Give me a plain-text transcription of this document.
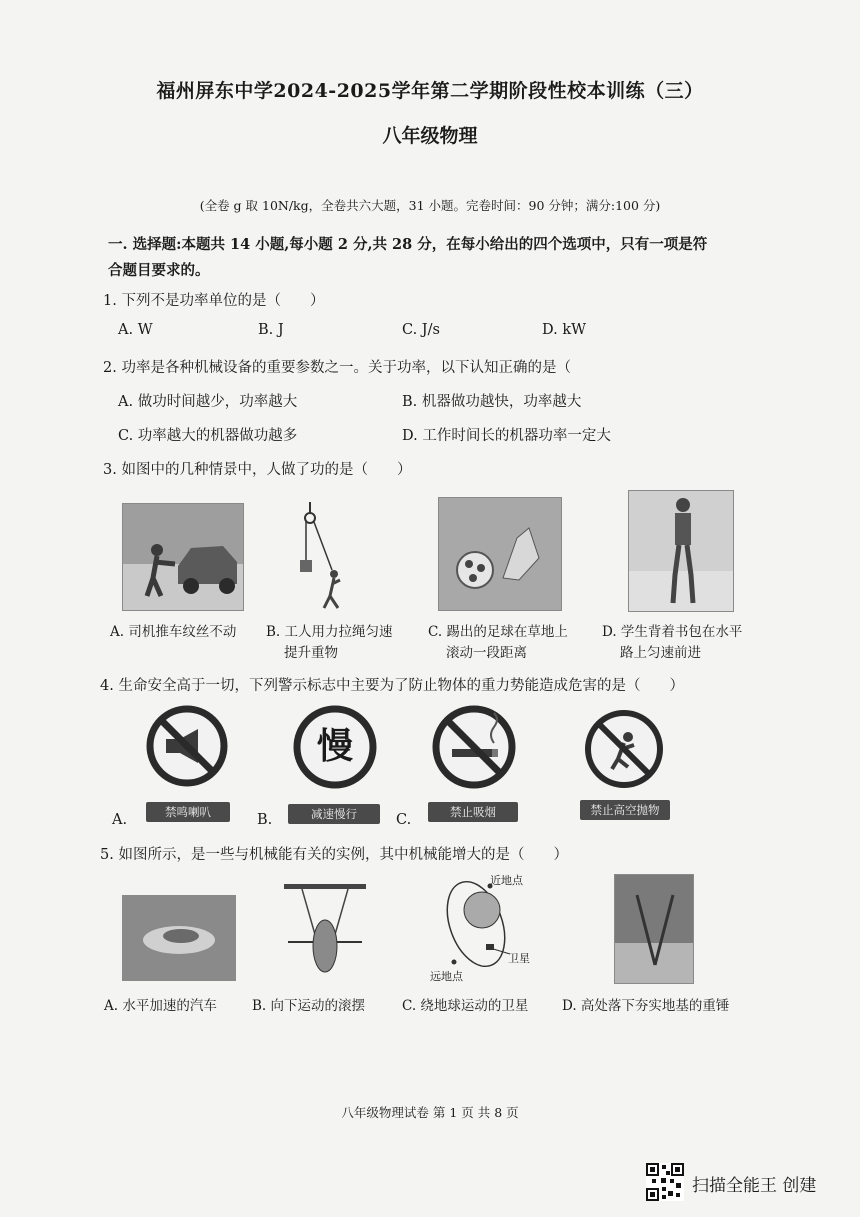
福州屏东中学2024-2025学年第二学期阶段性校本训练（三）
八年级物理
(全卷 g 取 10N/kg，全卷共六大题，31 小题。完卷时间：90 分钟；满分:100 分)
一. 选择题:本题共 14 小题,每小题 2 分,共 28 分，在每小给出的四个选项中，只有一项是符
合题目要求的。
1. 下列不是功率单位的是（　　）
A. W	B. J	C. J/s	D. kW
2. 功率是各种机械设备的重要参数之一。关于功率，以下认知正确的是（
A. 做功时间越少，功率越大	B. 机器做功越快，功率越大
C. 功率越大的机器做功越多	D. 工作时间长的机器功率一定大
3. 如图中的几种情景中，人做了功的是（　　）
A. 司机推车纹丝不动	B. 工人用力拉绳匀速
提升重物
C. 踢出的足球在草地上
滚动一段距离
D. 学生背着书包在水平
路上匀速前进
4. 生命安全高于一切，下列警示标志中主要为了防止物体的重力势能造成危害的是（　　）
慢
A.	禁鸣喇叭	B.	减速慢行	C.	禁止吸烟	禁止高空抛物
5. 如图所示，是一些与机械能有关的实例，其中机械能增大的是（　　）
近地点
卫星
远地点
A. 水平加速的汽车	B. 向下运动的滚摆	C. 绕地球运动的卫星 D. 高处落下夯实地基的重锤
八年级物理试卷 第 1 页 共 8 页
扫描全能王 创建
